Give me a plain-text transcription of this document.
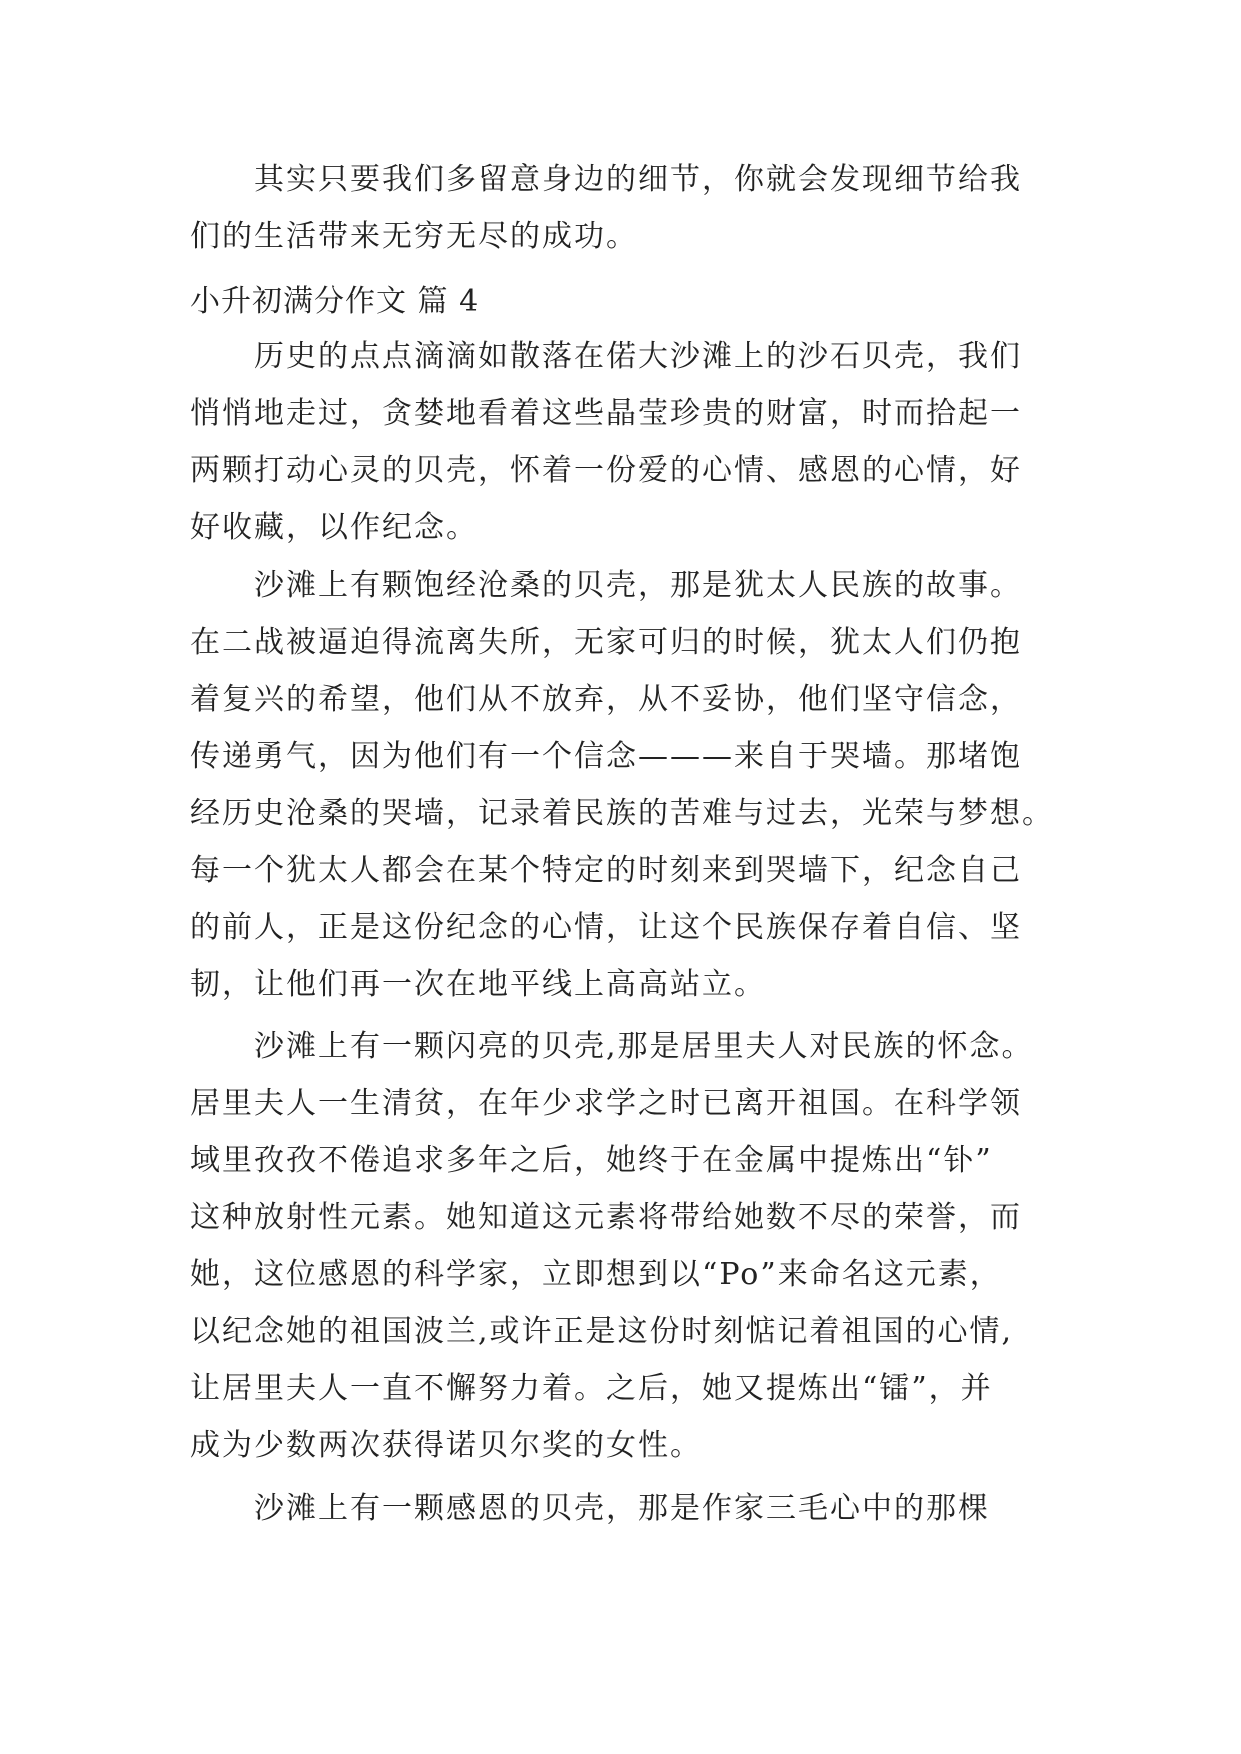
其实只要我们多留意身边的细节，你就会发现细节给我
们的生活带来无穷无尽的成功。
小升初满分作文 篇 4
历史的点点滴滴如散落在偌大沙滩上的沙石贝壳，我们
悄悄地走过，贪婪地看着这些晶莹珍贵的财富，时而拾起一
两颗打动心灵的贝壳，怀着一份爱的心情、感恩的心情，好
好收藏，以作纪念。
沙滩上有颗饱经沧桑的贝壳，那是犹太人民族的故事。
在二战被逼迫得流离失所，无家可归的时候，犹太人们仍抱
着复兴的希望，他们从不放弃，从不妥协，他们坚守信念，
传递勇气，因为他们有一个信念———来自于哭墙。那堵饱
经历史沧桑的哭墙，记录着民族的苦难与过去，光荣与梦想。
每一个犹太人都会在某个特定的时刻来到哭墙下，纪念自己
的前人，正是这份纪念的心情，让这个民族保存着自信、坚
韧，让他们再一次在地平线上高高站立。
沙滩上有一颗闪亮的贝壳,那是居里夫人对民族的怀念。
居里夫人一生清贫，在年少求学之时已离开祖国。在科学领
域里孜孜不倦追求多年之后，她终于在金属中提炼出“钋”
这种放射性元素。她知道这元素将带给她数不尽的荣誉，而
她，这位感恩的科学家，立即想到以“Po”来命名这元素，
以纪念她的祖国波兰,或许正是这份时刻惦记着祖国的心情,
让居里夫人一直不懈努力着。之后，她又提炼出“镭”，并
成为少数两次获得诺贝尔奖的女性。
沙滩上有一颗感恩的贝壳，那是作家三毛心中的那棵
